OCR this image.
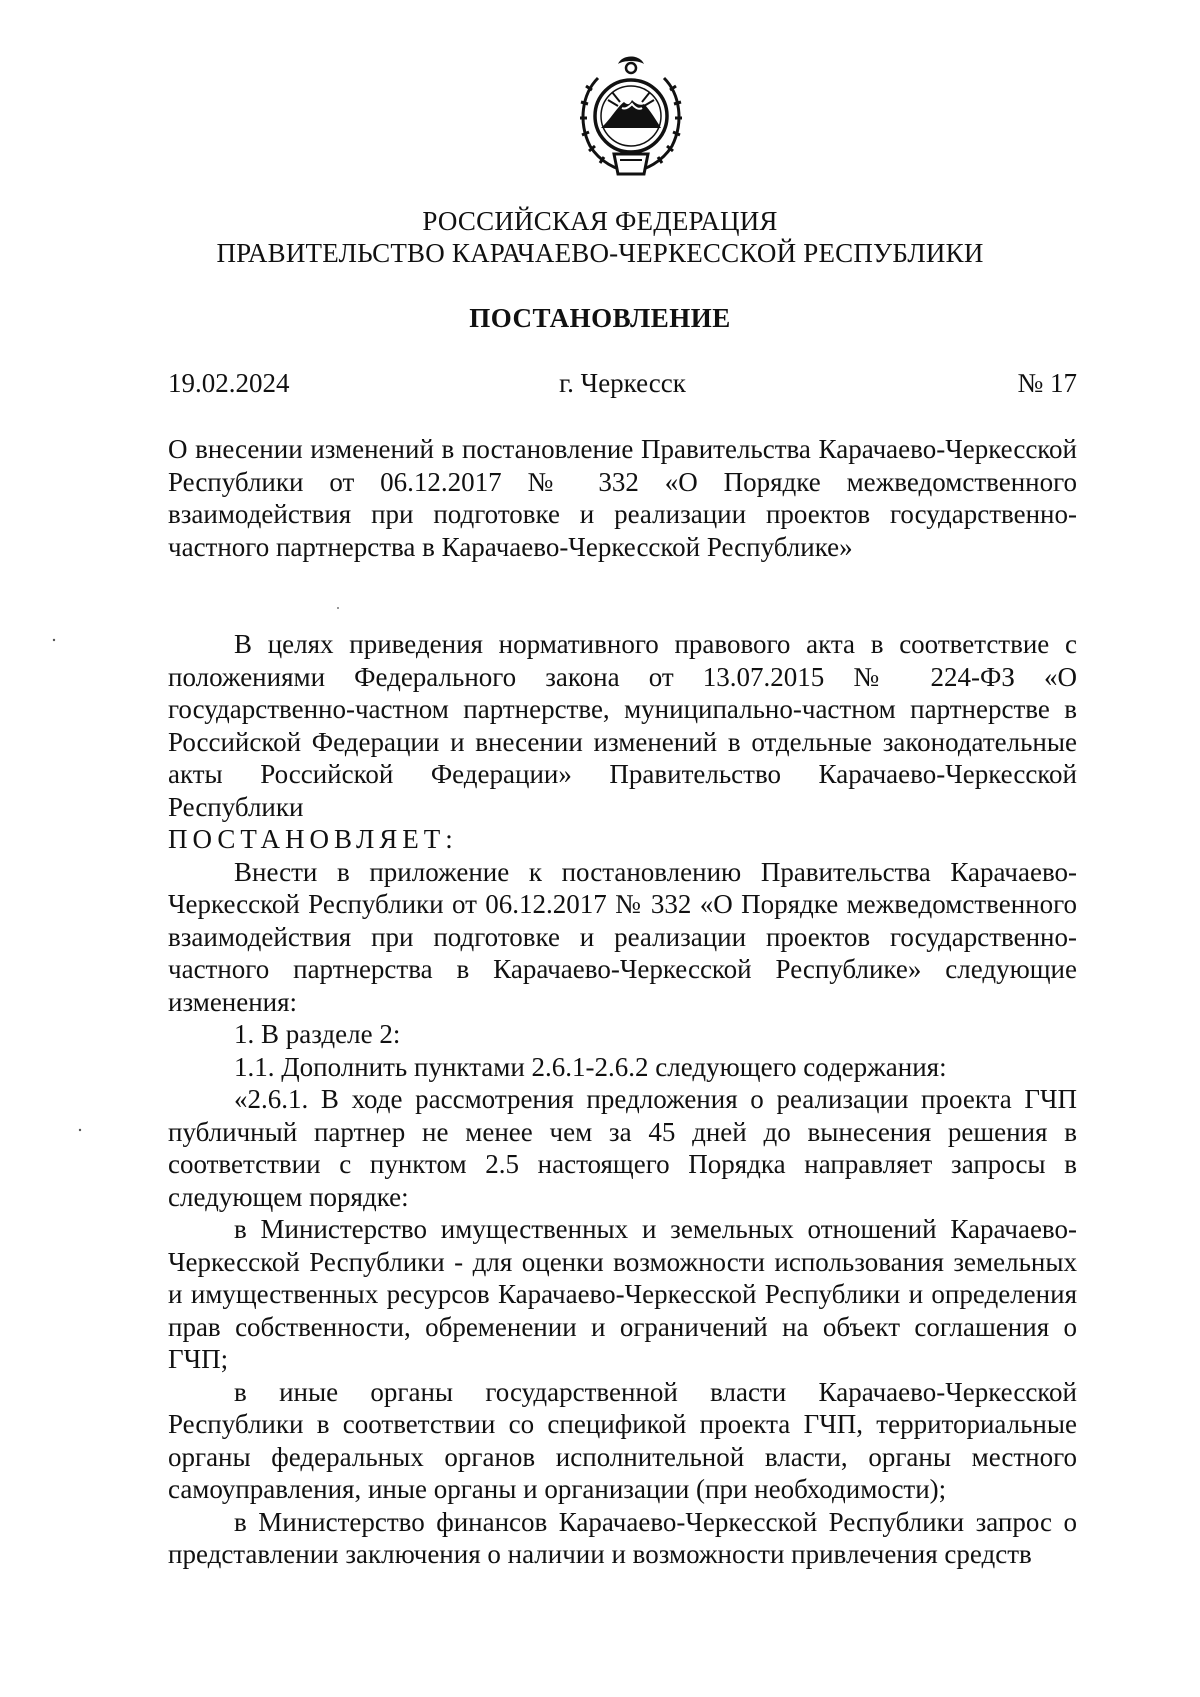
РОССИЙСКАЯ ФЕДЕРАЦИЯ
ПРАВИТЕЛЬСТВО КАРАЧАЕВО-ЧЕРКЕССКОЙ РЕСПУБЛИКИ
ПОСТАНОВЛЕНИЕ
19.02.2024	г. Черкесск	№ 17
О внесении изменений в постановление Правительства Карачаево-Черкесской Республики от 06.12.2017 № 332 «О Порядке межведомственного взаимодействия при подготовке и реализации проектов государственно-частного партнерства в Карачаево-Черкесской Республике»

В целях приведения нормативного правового акта в соответствие с положениями Федерального закона от 13.07.2015 № 224-ФЗ «О государственно-частном партнерстве, муниципально-частном партнерстве в Российской Федерации и внесении изменений в отдельные законодательные акты Российской Федерации» Правительство Карачаево-Черкесской Республики

ПОСТАНОВЛЯЕТ:

Внести в приложение к постановлению Правительства Карачаево-Черкесской Республики от 06.12.2017 № 332 «О Порядке межведомственного взаимодействия при подготовке и реализации проектов государственно-частного партнерства в Карачаево-Черкесской Республике» следующие изменения:

1. В разделе 2:

1.1. Дополнить пунктами 2.6.1-2.6.2 следующего содержания:

«2.6.1. В ходе рассмотрения предложения о реализации проекта ГЧП публичный партнер не менее чем за 45 дней до вынесения решения в соответствии с пунктом 2.5 настоящего Порядка направляет запросы в следующем порядке:

в Министерство имущественных и земельных отношений Карачаево-Черкесской Республики - для оценки возможности использования земельных и имущественных ресурсов Карачаево-Черкесской Республики и определения прав собственности, обременении и ограничений на объект соглашения о ГЧП;

в иные органы государственной власти Карачаево-Черкесской Республики в соответствии со спецификой проекта ГЧП, территориальные органы федеральных органов исполнительной власти, органы местного самоуправления, иные органы и организации (при необходимости);

в Министерство финансов Карачаево-Черкесской Республики запрос о представлении заключения о наличии и возможности привлечения средств
